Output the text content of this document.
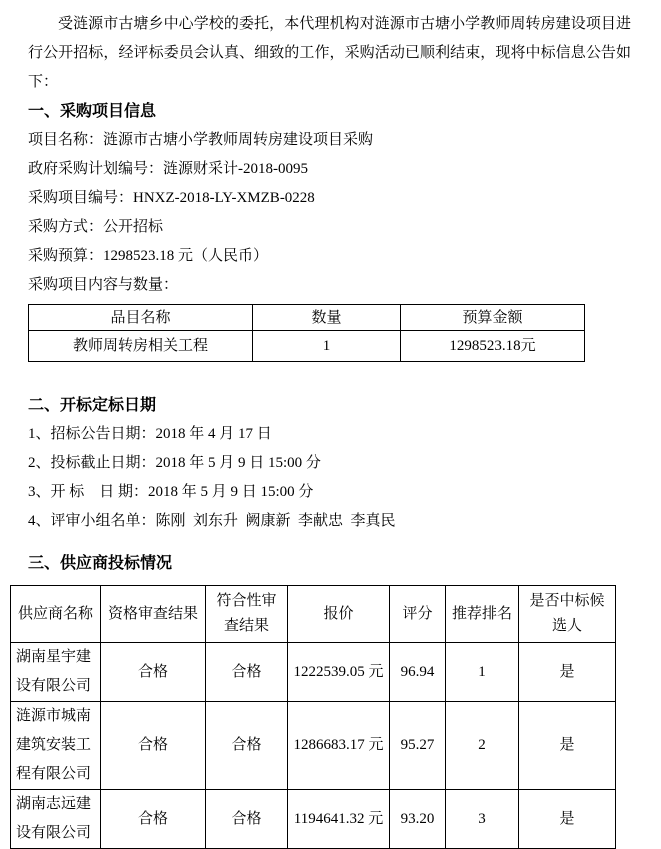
受涟源市古塘乡中心学校的委托，本代理机构对涟源市古塘小学教师周转房建设项目进行公开招标，经评标委员会认真、细致的工作，采购活动已顺利结束，现将中标信息公告如下：

一、采购项目信息
项目名称：涟源市古塘小学教师周转房建设项目采购
政府采购计划编号：涟源财采计-2018-0095
采购项目编号：HNXZ-2018-LY-XMZB-0228
采购方式：公开招标
采购预算：1298523.18 元（人民币）
采购项目内容与数量：
品目名称	数量	预算金额
教师周转房相关工程	1	1298523.18元
二、开标定标日期
1、招标公告日期：2018 年 4 月 17 日
2、投标截止日期：2018 年 5 月 9 日 15:00 分
3、开 标　日 期：2018 年 5 月 9 日 15:00 分
4、评审小组名单：陈刚  刘东升  阙康新  李献忠  李真民
三、供应商投标情况
供应商名称	资格审查结果	符合性审查结果	报价	评分	推荐排名	是否中标候选人
湖南星宇建设有限公司	合格	合格	1222539.05 元	96.94	1	是
涟源市城南建筑安装工程有限公司	合格	合格	1286683.17 元	95.27	2	是
湖南志远建设有限公司	合格	合格	1194641.32 元	93.20	3	是
